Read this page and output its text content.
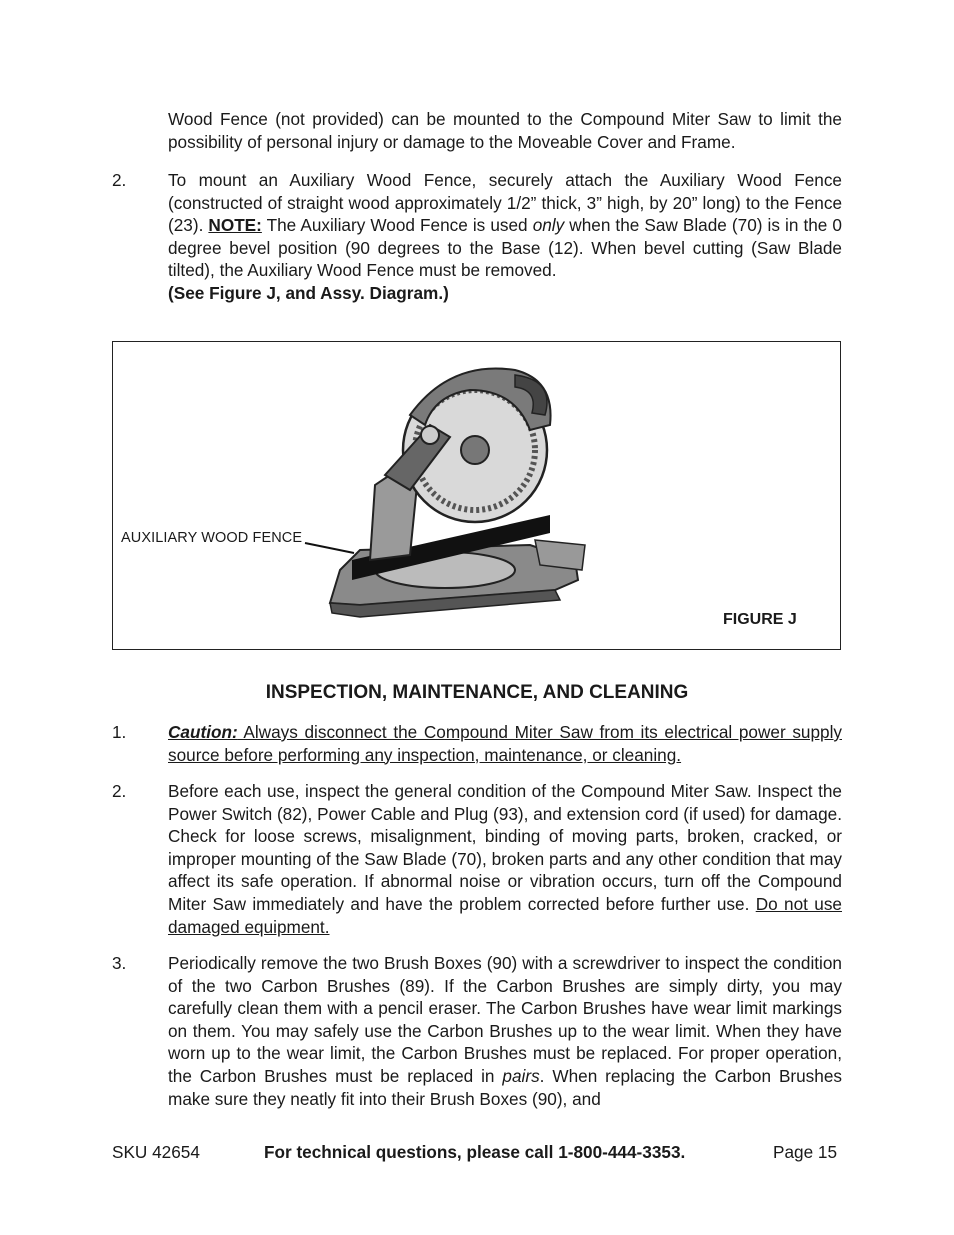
Wood Fence (not provided) can be mounted to the Compound Miter Saw to limit the possibility of personal injury or damage to the Moveable Cover and Frame.
2. To mount an Auxiliary Wood Fence, securely attach the Auxiliary Wood Fence (constructed of straight wood approximately 1/2” thick, 3” high, by 20” long) to the Fence (23). NOTE: The Auxiliary Wood Fence is used only when the Saw Blade (70) is in the 0 degree bevel position (90 degrees to the Base (12). When bevel cutting (Saw Blade tilted), the Auxiliary Wood Fence must be removed.
(See Figure J, and Assy. Diagram.)
AUXILIARY WOOD FENCE
FIGURE J
INSPECTION, MAINTENANCE, AND CLEANING
1. Caution: Always disconnect the Compound Miter Saw from its electrical power supply source before performing any inspection, maintenance, or cleaning.
2. Before each use, inspect the general condition of the Compound Miter Saw. Inspect the Power Switch (82), Power Cable and Plug (93), and extension cord (if used) for damage. Check for loose screws, misalignment, binding of moving parts, broken, cracked, or improper mounting of the Saw Blade (70), broken parts and any other condition that may affect its safe operation. If abnormal noise or vibration occurs, turn off the Compound Miter Saw immediately and have the problem corrected before further use. Do not use damaged equipment.
3. Periodically remove the two Brush Boxes (90) with a screwdriver to inspect the condition of the two Carbon Brushes (89). If the Carbon Brushes are simply dirty, you may carefully clean them with a pencil eraser. The Carbon Brushes have wear limit markings on them. You may safely use the Carbon Brushes up to the wear limit. When they have worn up to the wear limit, the Carbon Brushes must be replaced. For proper operation, the Carbon Brushes must be replaced in pairs. When replacing the Carbon Brushes make sure they neatly fit into their Brush Boxes (90), and
SKU 42654	For technical questions, please call 1-800-444-3353.	Page 15
